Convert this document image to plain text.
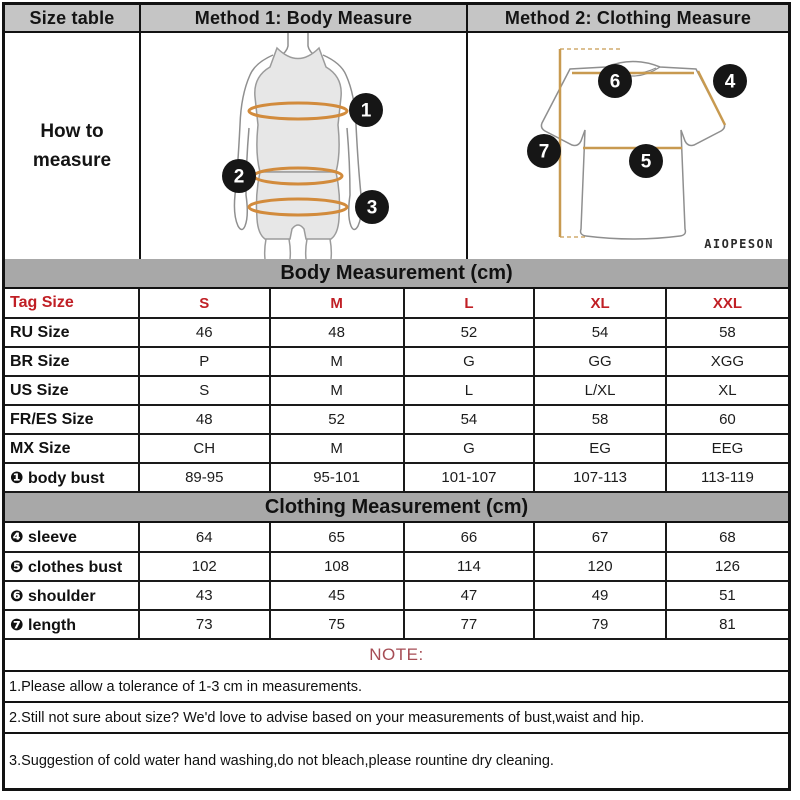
Size table	Method 1: Body Measure	Method 2: Clothing Measure
How to
measure
1
2
3
6	4
7	5
AIOPESON
Body Measurement (cm)
Tag Size	S	M	L	XL	XXL
RU Size	46	48	52	54	58
BR Size	P	M	G	GG	XGG
US Size	S	M	L	L/XL	XL
FR/ES Size	48	52	54	58	60
MX Size	CH	M	G	EG	EEG
❶ body bust	89-95	95-101	101-107	107-113	113-119
Clothing Measurement (cm)
❹ sleeve	64	65	66	67	68
❺ clothes bust	102	108	114	120	126
❻ shoulder	43	45	47	49	51
❼ length	73	75	77	79	81
NOTE:
1.Please allow a tolerance of 1-3 cm in measurements.
2.Still not sure about size? We'd love to advise based on your measurements of bust,waist and hip.
3.Suggestion of cold water hand washing,do not bleach,please rountine dry cleaning.
